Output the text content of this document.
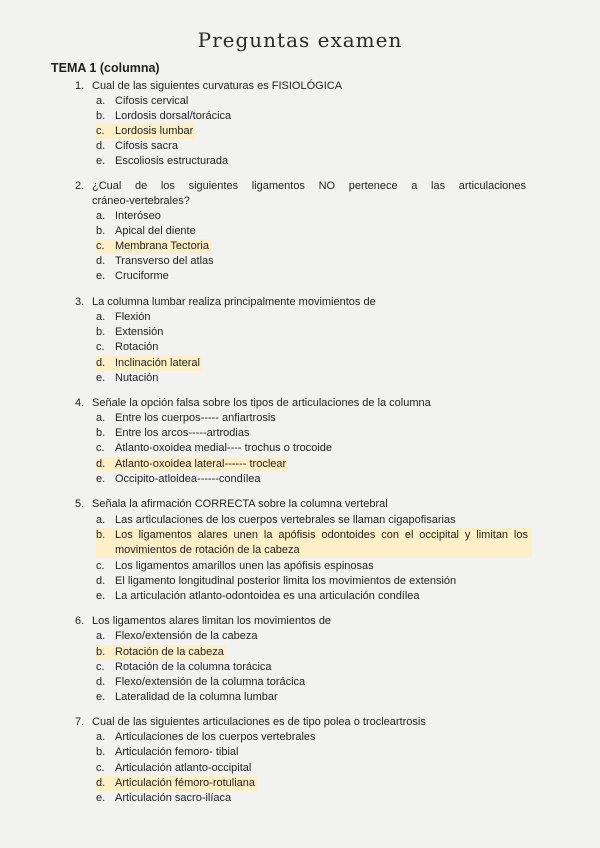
Preguntas examen
TEMA 1 (columna)
1. Cual de las siguientes curvaturas es FISIOLÓGICA
a. Cifosis cervical
b. Lordosis dorsal/torácica
c. Lordosis lumbar
d. Cifosis sacra
e. Escoliosis estructurada
2. ¿Cual de los siguientes ligamentos NO pertenece a las articulaciones
cráneo-vertebrales?
a. Interóseo
b. Apical del diente
c. Membrana Tectoria
d. Transverso del atlas
e. Cruciforme
3. La columna lumbar realiza principalmente movimientos de
a. Flexión
b. Extensión
c. Rotación
d. Inclinación lateral
e. Nutación
4. Señale la opción falsa sobre los tipos de articulaciones de la columna
a. Entre los cuerpos----- anfiartrosis
b. Entre los arcos-----artrodias
c. Atlanto-oxoidea medial---- trochus o trocoide
d. Atlanto-oxoidea lateral------ troclear
e. Occipito-atloidea------condílea
5. Señala la afirmación CORRECTA sobre la columna vertebral
a. Las articulaciones de los cuerpos vertebrales se llaman cigapofisarias
b. Los ligamentos alares unen la apófisis odontoides con el occipital y limitan los
movimientos de rotación de la cabeza
c. Los ligamentos amarillos unen las apófisis espinosas
d. El ligamento longitudinal posterior limita los movimientos de extensión
e. La articulación atlanto-odontoidea es una articulación condílea
6. Los ligamentos alares limitan los movimientos de
a. Flexo/extensión de la cabeza
b. Rotación de la cabeza
c. Rotación de la columna torácica
d. Flexo/extensión de la columna torácica
e. Lateralidad de la columna lumbar
7. Cual de las siguientes articulaciones es de tipo polea o trocleartrosis
a. Articulaciones de los cuerpos vertebrales
b. Articulación femoro- tibial
c. Articulación atlanto-occipital
d. Articulación fémoro-rotuliana
e. Articulación sacro-ilíaca
